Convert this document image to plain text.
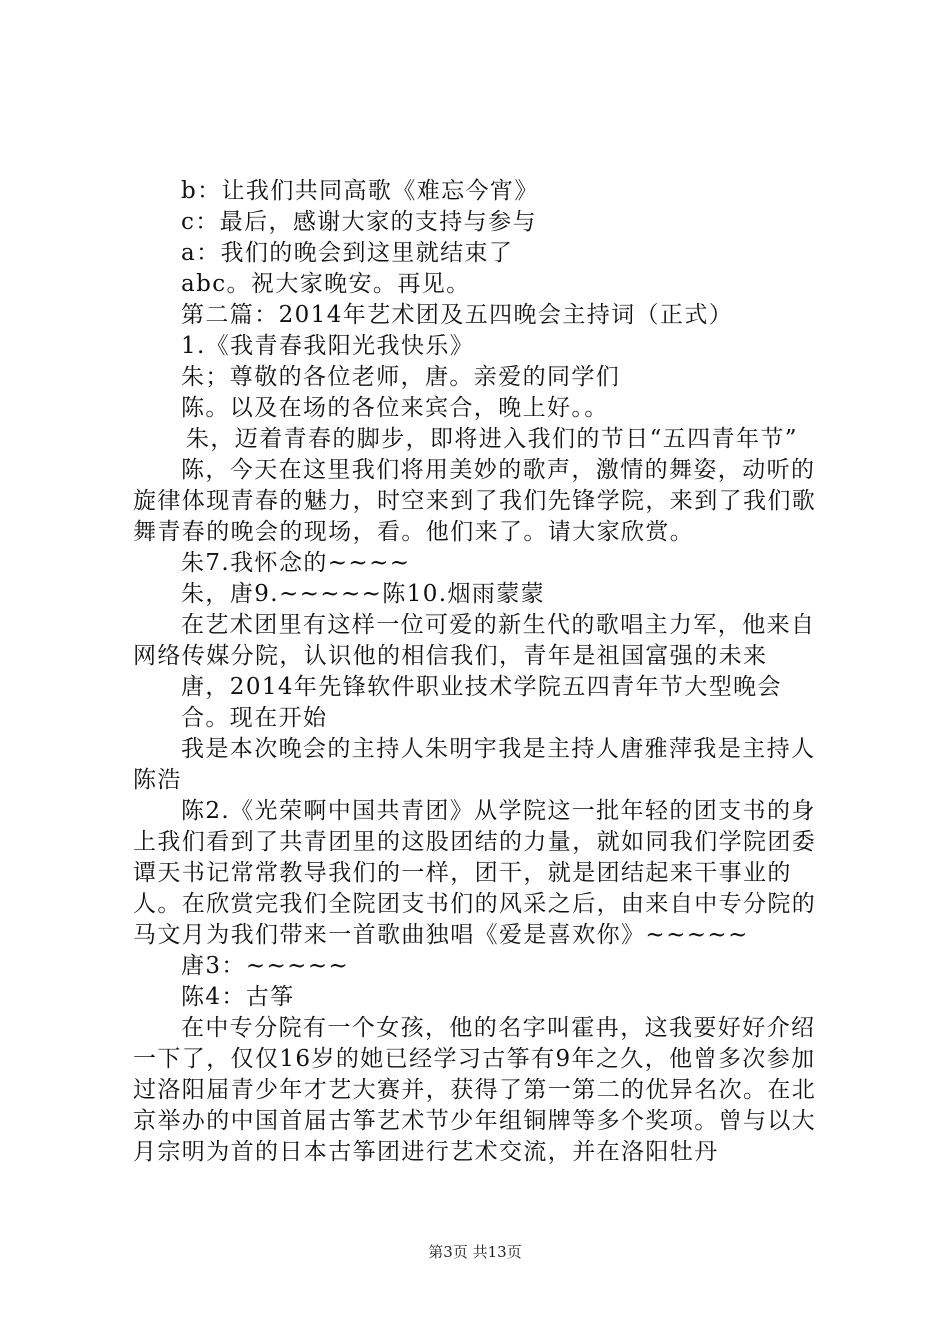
b：让我们共同高歌《难忘今宵》

c：最后，感谢大家的支持与参与

a：我们的晚会到这里就结束了

abc。祝大家晚安。再见。

第二篇：2014年艺术团及五四晚会主持词（正式）

1.《我青春我阳光我快乐》

朱；尊敬的各位老师，唐。亲爱的同学们

陈。以及在场的各位来宾合，晚上好。。

朱，迈着青春的脚步，即将进入我们的节日“五四青年节”

陈，今天在这里我们将用美妙的歌声，激情的舞姿，动听的旋律体现青春的魅力，时空来到了我们先锋学院，来到了我们歌舞青春的晚会的现场，看。他们来了。请大家欣赏。

朱7.我怀念的~~~~

朱，唐9.~~~~~陈10.烟雨蒙蒙

在艺术团里有这样一位可爱的新生代的歌唱主力军，他来自网络传媒分院，认识他的相信我们，青年是祖国富强的未来

唐，2014年先锋软件职业技术学院五四青年节大型晚会

合。现在开始

我是本次晚会的主持人朱明宇我是主持人唐雅萍我是主持人陈浩

陈2.《光荣啊中国共青团》从学院这一批年轻的团支书的身上我们看到了共青团里的这股团结的力量，就如同我们学院团委谭天书记常常教导我们的一样，团干，就是团结起来干事业的人。在欣赏完我们全院团支书们的风采之后，由来自中专分院的马文月为我们带来一首歌曲独唱《爱是喜欢你》~~~~~

唐3：~~~~~

陈4：古筝

在中专分院有一个女孩，他的名字叫霍冉，这我要好好介绍一下了，仅仅16岁的她已经学习古筝有9年之久，他曾多次参加过洛阳届青少年才艺大赛并，获得了第一第二的优异名次。在北京举办的中国首届古筝艺术节少年组铜牌等多个奖项。曾与以大月宗明为首的日本古筝团进行艺术交流，并在洛阳牡丹

第3页 共13页
